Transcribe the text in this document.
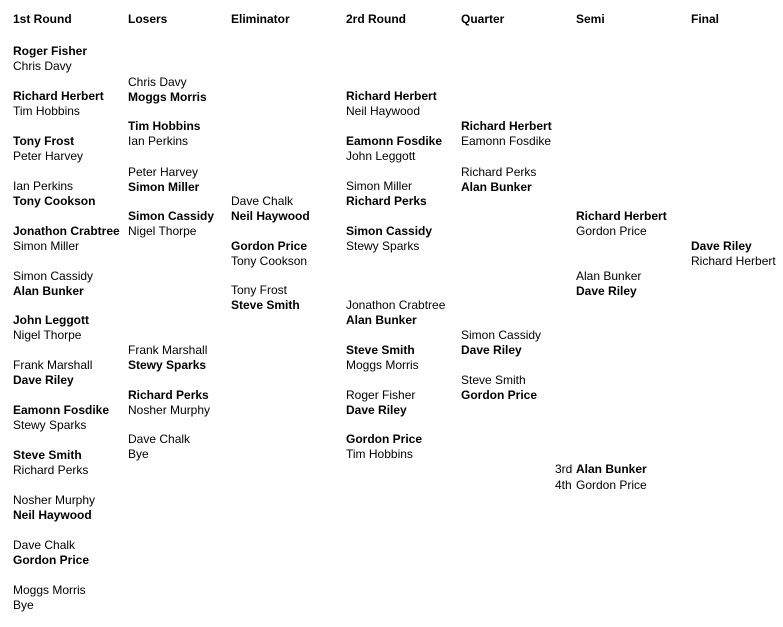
1st Round
Roger Fisher
Chris Davy
Richard Herbert
Tim Hobbins
Tony Frost
Peter Harvey
Ian Perkins
Tony Cookson
Jonathon Crabtree
Simon Miller
Simon Cassidy
Alan Bunker
John Leggott
Nigel Thorpe
Frank Marshall
Dave Riley
Eamonn Fosdike
Stewy Sparks
Steve Smith
Richard Perks
Nosher Murphy
Neil Haywood
Dave Chalk
Gordon Price
Moggs Morris
Bye
Losers
Chris Davy
Moggs Morris
Tim Hobbins
Ian Perkins
Peter Harvey
Simon Miller
Simon Cassidy
Nigel Thorpe
Frank Marshall
Stewy Sparks
Richard Perks
Nosher Murphy
Dave Chalk
Bye
Eliminator
Dave Chalk
Neil Haywood
Gordon Price
Tony Cookson
Tony Frost
Steve Smith
2rd Round
Richard Herbert
Neil Haywood
Eamonn Fosdike
John Leggott
Simon Miller
Richard Perks
Simon Cassidy
Stewy Sparks
Jonathon Crabtree
Alan Bunker
Steve Smith
Moggs Morris
Roger Fisher
Dave Riley
Gordon Price
Tim Hobbins
Quarter
Richard Herbert
Eamonn Fosdike
Richard Perks
Alan Bunker
Simon Cassidy
Dave Riley
Steve Smith
Gordon Price
Semi
Richard Herbert
Gordon Price
Alan Bunker
Dave Riley
Final
Dave Riley
Richard Herbert
3rd Alan Bunker
4th Gordon Price
